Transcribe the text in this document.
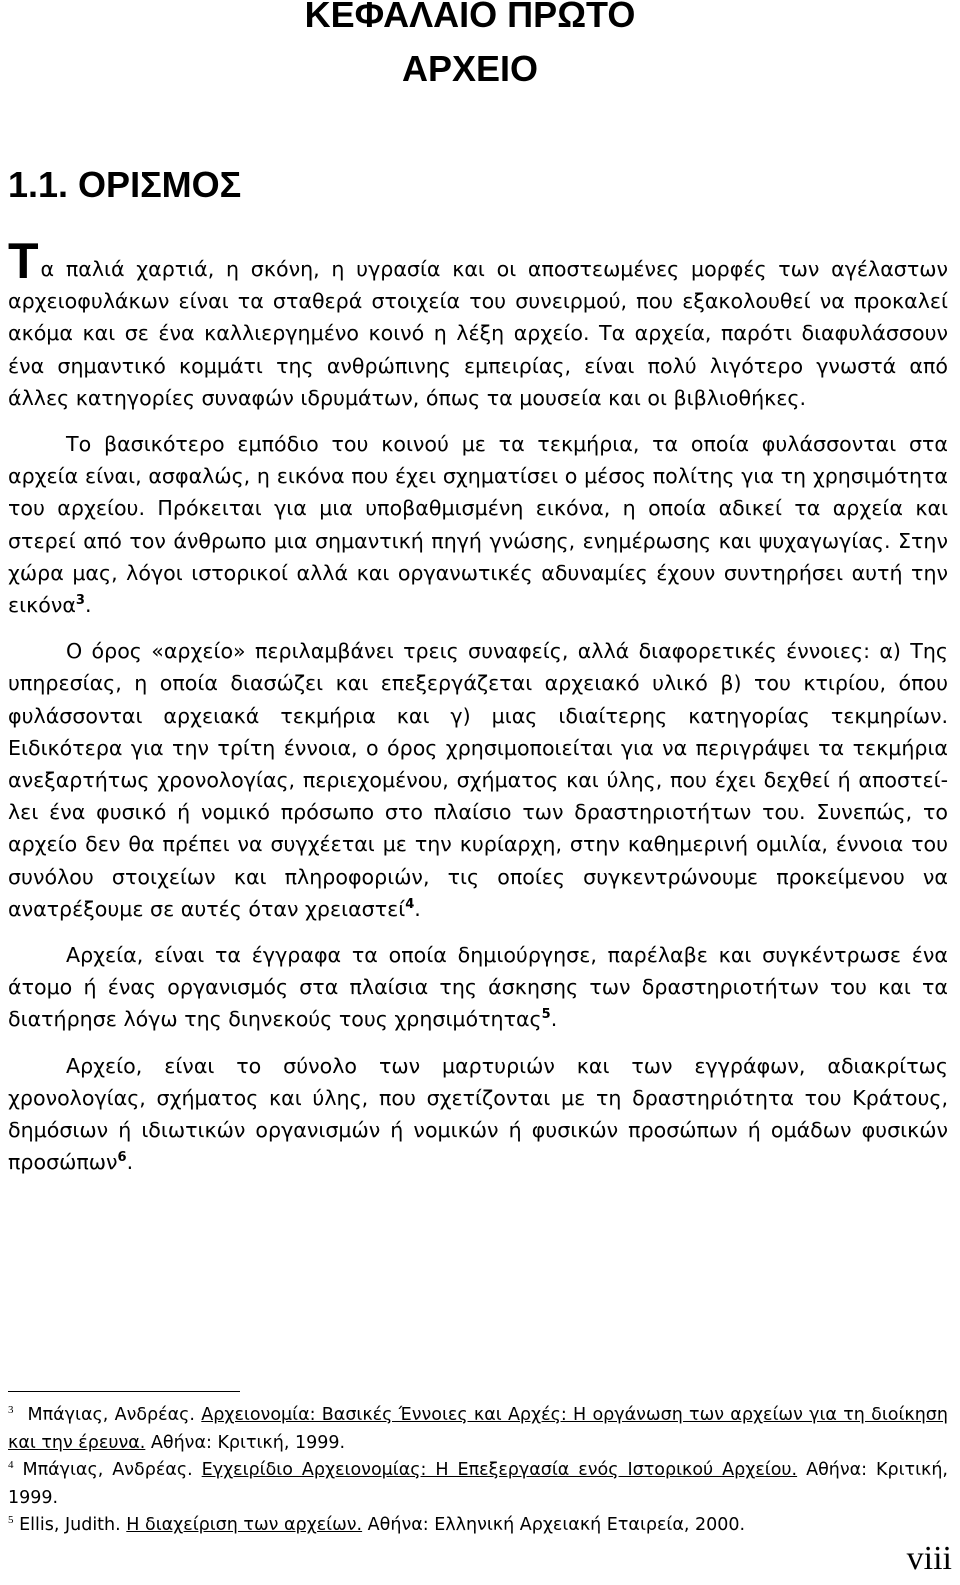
ΚΕΦΑΛΑΙΟ ΠΡΩΤΟ
ΑΡΧΕΙΟ
1.1. ΟΡΙΣΜΟΣ

Τα παλιά χαρτιά, η σκόνη, η υγρασία και οι αποστεωμένες μορφές των αγέλαστων αρχειοφυλάκων είναι τα σταθερά στοιχεία του συνειρμού, που εξακολουθεί να προκαλεί ακόμα και σε ένα καλλιεργημένο κοινό η λέξη αρχείο. Τα αρχεία, παρότι διαφυλάσσουν ένα σημαντικό κομμάτι της ανθρώπινης εμπειρίας, είναι πολύ λιγότερο γνωστά από άλλες κατηγορίες συναφών ιδρυμάτων, όπως τα μουσεία και οι βιβλιοθήκες.

Το βασικότερο εμπόδιο του κοινού με τα τεκμήρια, τα οποία φυλάσσονται στα αρχεία είναι, ασφαλώς, η εικόνα που έχει σχηματίσει ο μέσος πολίτης για τη χρησιμότητα του αρχείου. Πρόκειται για μια υποβαθμισμένη εικόνα, η οποία αδικεί τα αρχεία και στερεί από τον άνθρωπο μια σημαντική πηγή γνώσης, ενημέρωσης και ψυχαγωγίας. Στην χώρα μας, λόγοι ιστορικοί αλλά και οργανωτικές αδυναμίες έχουν συντηρήσει αυτή την εικόνα$^3$.

Ο όρος «αρχείο» περιλαμβάνει τρεις συναφείς, αλλά διαφορετικές έννοιες: α) Της υπηρεσίας, η οποία διασώζει και επεξεργάζεται αρχειακό υλικό β) του κτιρίου, όπου φυλάσσονται αρχειακά τεκμήρια και γ) μιας ιδιαίτερης κατηγορίας τεκμηρίων. Ειδικότερα για την τρίτη έννοια, ο όρος χρησιμοποιείται για να περιγράψει τα τεκμήρια ανεξαρτήτως χρονολογίας, περιεχομένου, σχήματος και ύλης, που έχει δεχθεί ή αποστείλει ένα φυσικό ή νομικό πρόσωπο στο πλαίσιο των δραστηριοτήτων του. Συνεπώς, το αρχείο δεν θα πρέπει να συγχέεται με την κυρίαρχη, στην καθημερινή ομιλία, έννοια του συνόλου στοιχείων και πληροφοριών, τις οποίες συγκεντρώνουμε προκείμενου να ανατρέξουμε σε αυτές όταν χρειαστεί$^4$.

Αρχεία, είναι τα έγγραφα τα οποία δημιούργησε, παρέλαβε και συγκέντρωσε ένα άτομο ή ένας οργανισμός στα πλαίσια της άσκησης των δραστηριοτήτων του και τα διατήρησε λόγω της διηνεκούς τους χρησιμότητας$^5$.

Αρχείο, είναι το σύνολο των μαρτυριών και των εγγράφων, αδιακρίτως χρονολογίας, σχήματος και ύλης, που σχετίζονται με τη δραστηριότητα του Κράτους, δημόσιων ή ιδιωτικών οργανισμών ή νομικών ή φυσικών προσώπων ή ομάδων φυσικών προσώπων$^6$.

$^3$ Μπάγιας, Ανδρέας. Αρχειονομία: Βασικές Έννοιες και Αρχές: Η οργάνωση των αρχείων για τη διοίκηση και την έρευνα. Αθήνα: Κριτική, 1999.

$^4$ Μπάγιας, Ανδρέας. Εγχειρίδιο Αρχειονομίας: Η Επεξεργασία ενός Ιστορικού Αρχείου. Αθήνα: Κριτική, 1999.

$^5$ Ellis, Judith. Η διαχείριση των αρχείων. Αθήνα: Ελληνική Αρχειακή Εταιρεία, 2000.

viii
